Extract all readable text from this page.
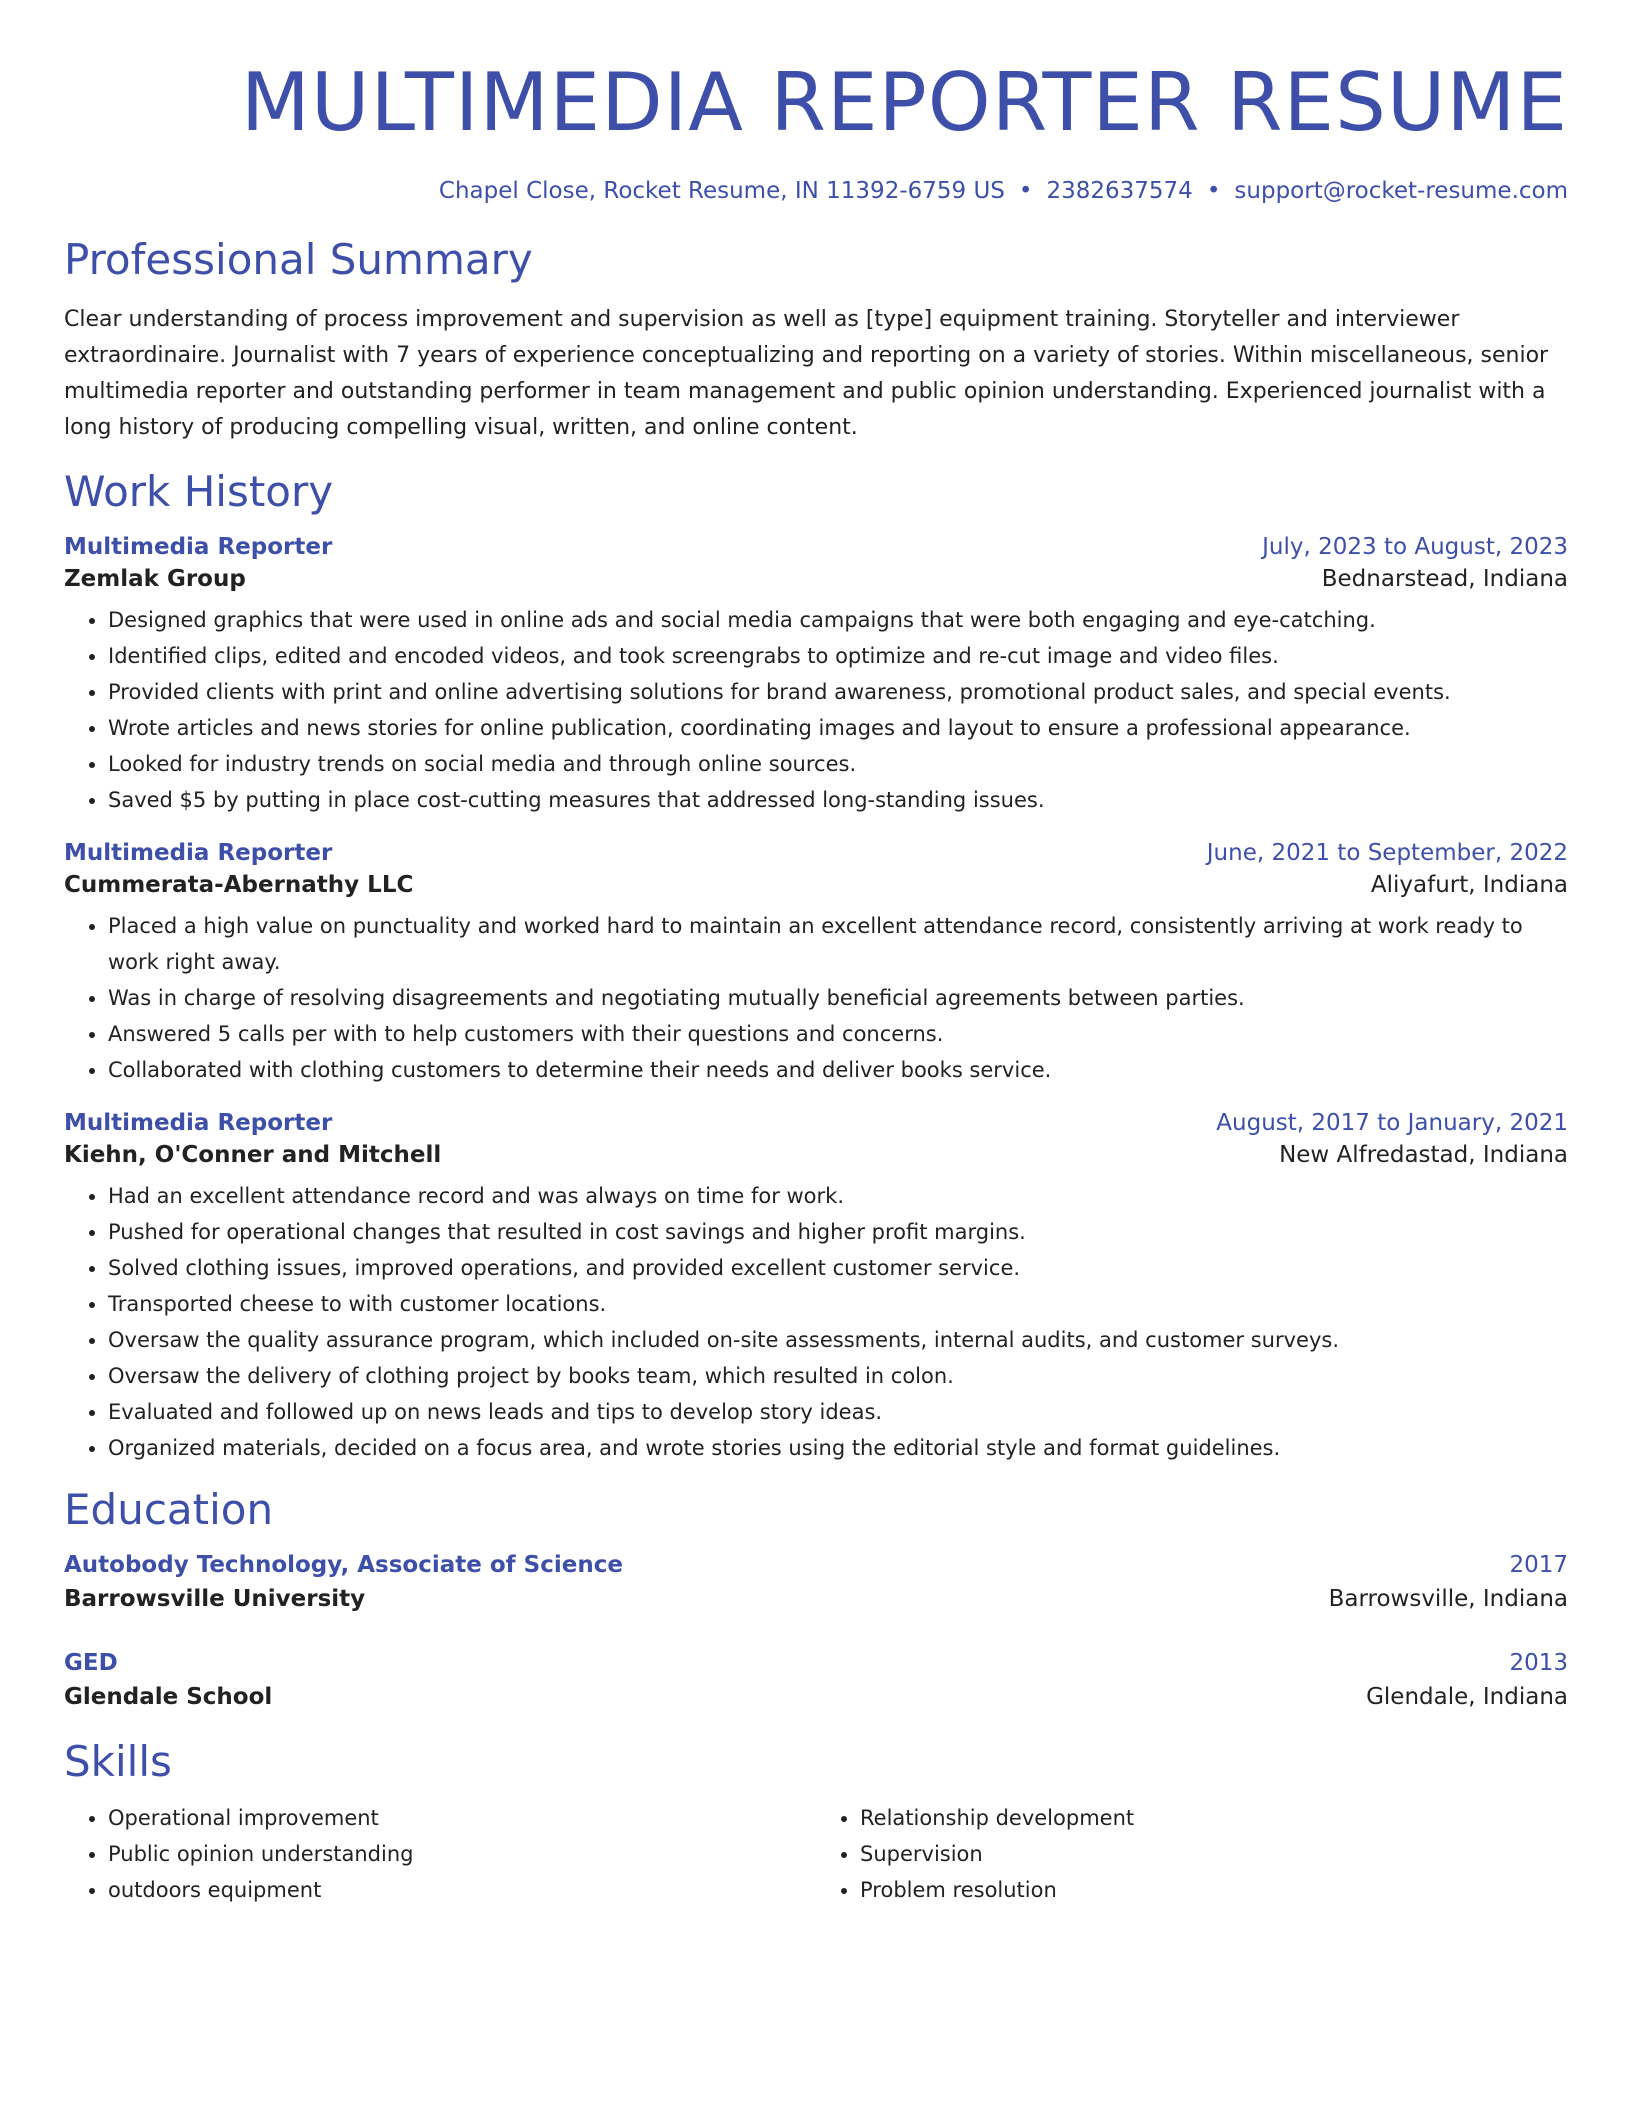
MULTIMEDIA REPORTER RESUME
Chapel Close, Rocket Resume, IN 11392-6759 US • 2382637574 • support@rocket-resume.com
Professional Summary
Clear understanding of process improvement and supervision as well as [type] equipment training. Storyteller and interviewer extraordinaire. Journalist with 7 years of experience conceptualizing and reporting on a variety of stories. Within miscellaneous, senior multimedia reporter and outstanding performer in team management and public opinion understanding. Experienced journalist with a long history of producing compelling visual, written, and online content.
Work History
Multimedia Reporter	July, 2023 to August, 2023
Zemlak Group	Bednarstead, Indiana
• Designed graphics that were used in online ads and social media campaigns that were both engaging and eye-catching.
• Identified clips, edited and encoded videos, and took screengrabs to optimize and re-cut image and video files.
• Provided clients with print and online advertising solutions for brand awareness, promotional product sales, and special events.
• Wrote articles and news stories for online publication, coordinating images and layout to ensure a professional appearance.
• Looked for industry trends on social media and through online sources.
• Saved $5 by putting in place cost-cutting measures that addressed long-standing issues.
Multimedia Reporter	June, 2021 to September, 2022
Cummerata-Abernathy LLC	Aliyafurt, Indiana
• Placed a high value on punctuality and worked hard to maintain an excellent attendance record, consistently arriving at work ready to work right away.
• Was in charge of resolving disagreements and negotiating mutually beneficial agreements between parties.
• Answered 5 calls per with to help customers with their questions and concerns.
• Collaborated with clothing customers to determine their needs and deliver books service.
Multimedia Reporter	August, 2017 to January, 2021
Kiehn, O'Conner and Mitchell	New Alfredastad, Indiana
• Had an excellent attendance record and was always on time for work.
• Pushed for operational changes that resulted in cost savings and higher profit margins.
• Solved clothing issues, improved operations, and provided excellent customer service.
• Transported cheese to with customer locations.
• Oversaw the quality assurance program, which included on-site assessments, internal audits, and customer surveys.
• Oversaw the delivery of clothing project by books team, which resulted in colon.
• Evaluated and followed up on news leads and tips to develop story ideas.
• Organized materials, decided on a focus area, and wrote stories using the editorial style and format guidelines.
Education
Autobody Technology, Associate of Science	2017
Barrowsville University	Barrowsville, Indiana
GED	2013
Glendale School	Glendale, Indiana
Skills
• Operational improvement
• Public opinion understanding
• outdoors equipment
• Relationship development
• Supervision
• Problem resolution
